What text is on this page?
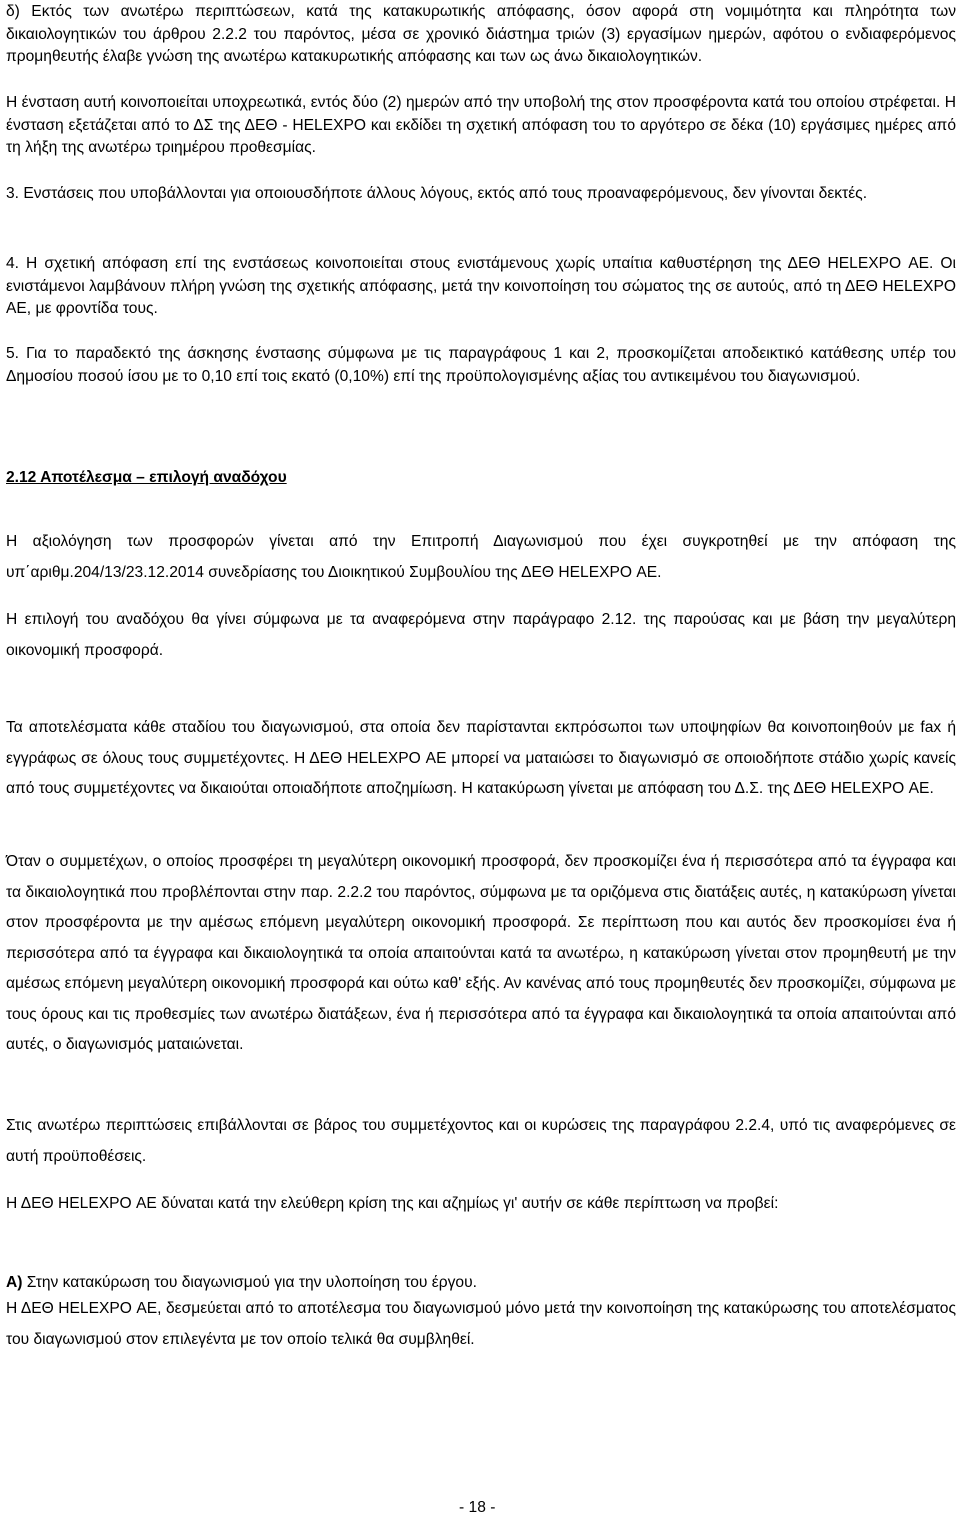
δ) Εκτός των ανωτέρω περιπτώσεων, κατά της κατακυρωτικής απόφασης, όσον αφορά στη νομιμότητα και πληρότητα των δικαιολογητικών του άρθρου 2.2.2 του παρόντος, μέσα σε χρονικό διάστημα τριών (3) εργασίμων ημερών, αφότου ο ενδιαφερόμενος προμηθευτής έλαβε γνώση της ανωτέρω κατακυρωτικής απόφασης και των ως άνω δικαιολογητικών.

Η ένσταση αυτή κοινοποιείται υποχρεωτικά, εντός δύο (2) ημερών από την υποβολή της στον προσφέροντα κατά του οποίου στρέφεται. Η ένσταση εξετάζεται από το ΔΣ της ΔΕΘ - HELEXPO και εκδίδει τη σχετική απόφαση του το αργότερο σε δέκα (10) εργάσιμες ημέρες από τη λήξη της ανωτέρω τριημέρου προθεσμίας.

3. Ενστάσεις που υποβάλλονται για οποιουσδήποτε άλλους λόγους, εκτός από τους προαναφερόμενους, δεν γίνονται δεκτές.

4. Η σχετική απόφαση επί της ενστάσεως κοινοποιείται στους ενιστάμενους χωρίς υπαίτια καθυστέρηση της ΔΕΘ HELEXPO ΑΕ. Οι ενιστάμενοι λαμβάνουν πλήρη γνώση της σχετικής απόφασης, μετά την κοινοποίηση του σώματος της σε αυτούς, από τη ΔΕΘ HELEXPO ΑΕ, με φροντίδα τους.

5. Για το παραδεκτό της άσκησης ένστασης σύμφωνα με τις παραγράφους 1 και 2, προσκομίζεται αποδεικτικό κατάθεσης υπέρ του Δημοσίου ποσού ίσου με το 0,10 επί τοις εκατό (0,10%) επί της προϋπολογισμένης αξίας του αντικειμένου του διαγωνισμού.

2.12 Αποτέλεσμα – επιλογή αναδόχου

Η αξιολόγηση των προσφορών γίνεται από την Επιτροπή Διαγωνισμού που έχει συγκροτηθεί με την απόφαση της υπ΄αριθμ.204/13/23.12.2014 συνεδρίασης του Διοικητικού Συμβουλίου της ΔΕΘ HELEXPO ΑΕ.

Η επιλογή του αναδόχου θα γίνει σύμφωνα με τα αναφερόμενα στην παράγραφο 2.12. της παρούσας και με βάση την μεγαλύτερη οικονομική προσφορά.

Τα αποτελέσματα κάθε σταδίου του διαγωνισμού, στα οποία δεν παρίστανται εκπρόσωποι των υποψηφίων θα κοινοποιηθούν με fax ή εγγράφως σε όλους τους συμμετέχοντες. Η ΔΕΘ HELEXPO ΑΕ μπορεί να ματαιώσει το διαγωνισμό σε οποιοδήποτε στάδιο χωρίς κανείς από τους συμμετέχοντες να δικαιούται οποιαδήποτε αποζημίωση. Η κατακύρωση γίνεται με απόφαση του Δ.Σ. της ΔΕΘ HELEXPO ΑΕ.

Όταν ο συμμετέχων, ο οποίος προσφέρει τη μεγαλύτερη οικονομική προσφορά, δεν προσκομίζει ένα ή περισσότερα από τα έγγραφα και τα δικαιολογητικά που προβλέπονται στην παρ. 2.2.2 του παρόντος, σύμφωνα με τα οριζόμενα στις διατάξεις αυτές, η κατακύρωση γίνεται στον προσφέροντα με την αμέσως επόμενη μεγαλύτερη οικονομική προσφορά. Σε περίπτωση που και αυτός δεν προσκομίσει ένα ή περισσότερα από τα έγγραφα και δικαιολογητικά τα οποία απαιτούνται κατά τα ανωτέρω, η κατακύρωση γίνεται στον προμηθευτή με την αμέσως επόμενη μεγαλύτερη οικονομική προσφορά και ούτω καθ' εξής. Αν κανένας από τους προμηθευτές δεν προσκομίζει, σύμφωνα με τους όρους και τις προθεσμίες των ανωτέρω διατάξεων, ένα ή περισσότερα από τα έγγραφα και δικαιολογητικά τα οποία απαιτούνται από αυτές, ο διαγωνισμός ματαιώνεται.

Στις ανωτέρω περιπτώσεις επιβάλλονται σε βάρος του συμμετέχοντος και οι κυρώσεις της παραγράφου 2.2.4, υπό τις αναφερόμενες σε αυτή προϋποθέσεις.

Η ΔΕΘ HELEXPO ΑΕ δύναται κατά την ελεύθερη κρίση της και αζημίως γι' αυτήν σε κάθε περίπτωση να προβεί:

Α) Στην κατακύρωση του διαγωνισμού για την υλοποίηση του έργου.

Η ΔΕΘ HELEXPO ΑΕ, δεσμεύεται από το αποτέλεσμα του διαγωνισμού μόνο μετά την κοινοποίηση της κατακύρωσης του αποτελέσματος του διαγωνισμού στον επιλεγέντα με τον οποίο τελικά θα συμβληθεί.

- 18 -
